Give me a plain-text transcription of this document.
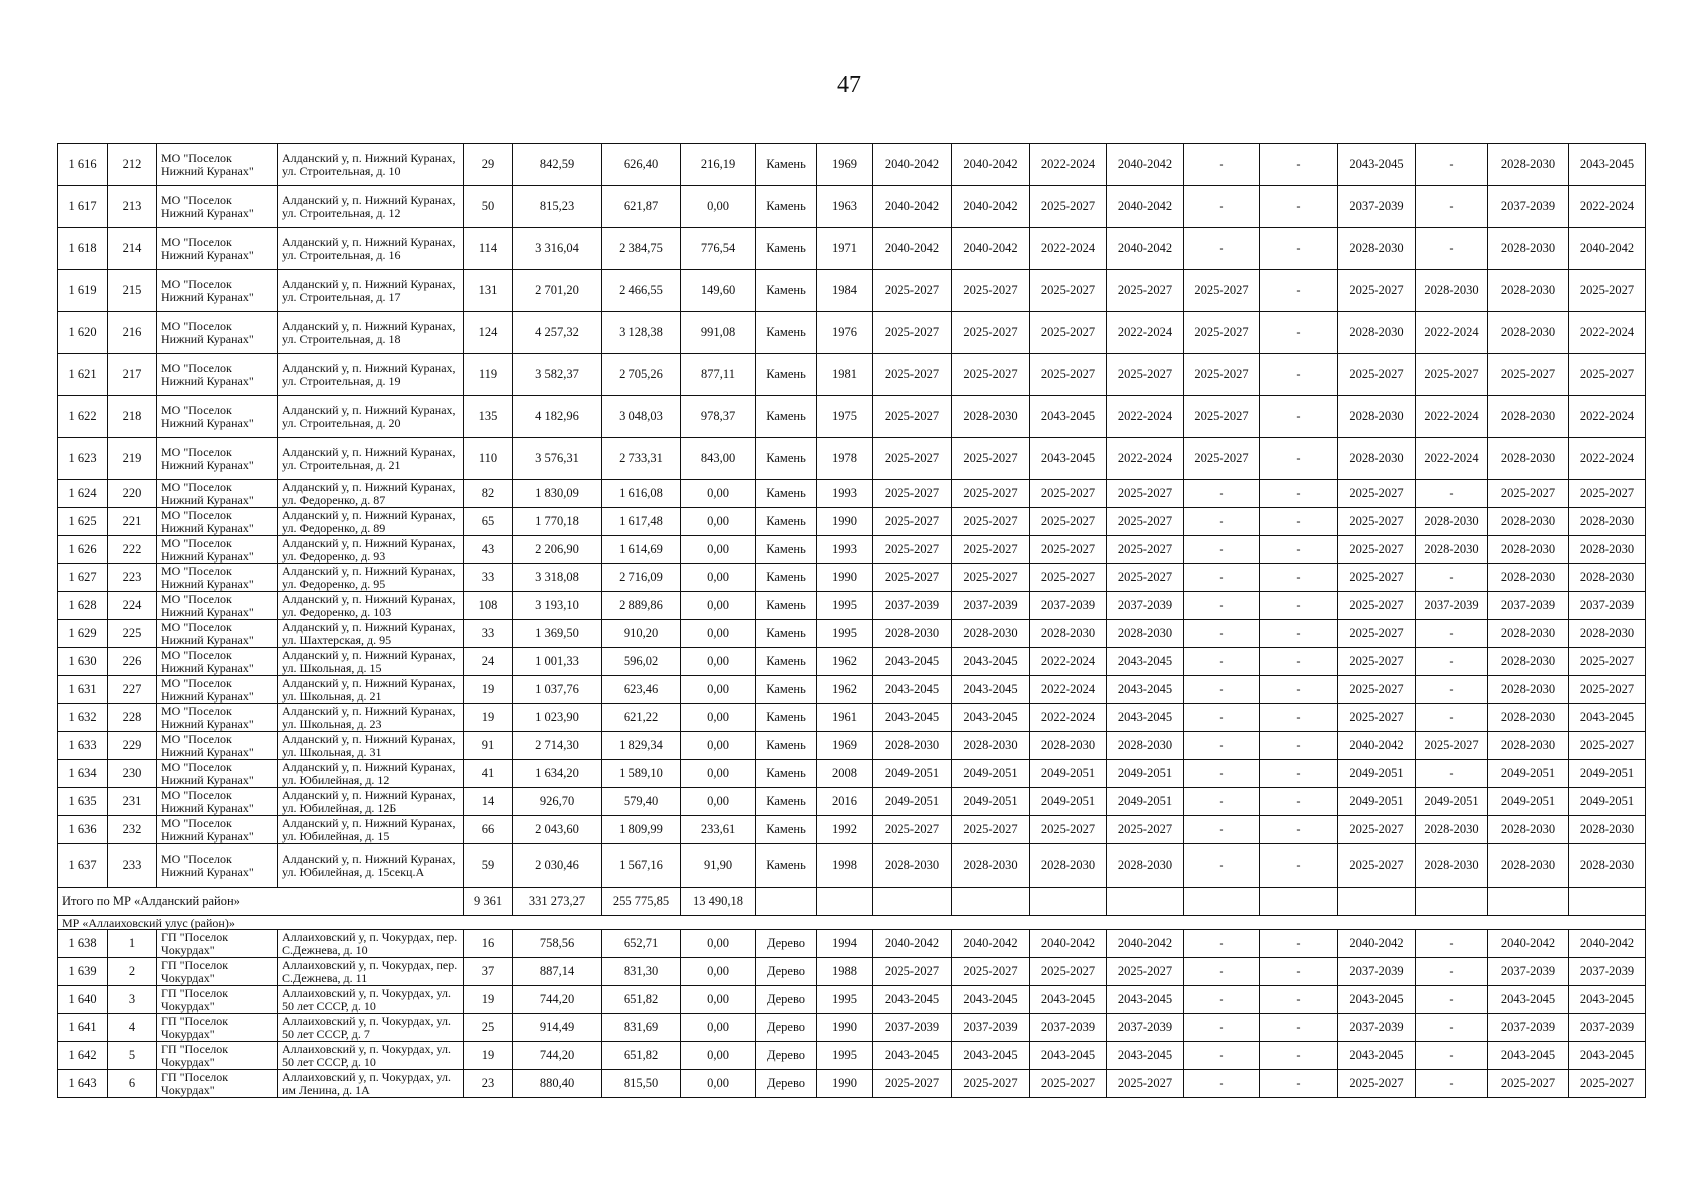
47
1 616	212	МО "Поселок Нижний Куранах"	Алданский у, п. Нижний Куранах, ул. Строительная, д. 10	29	842,59	626,40	216,19	Камень	1969	2040-2042	2040-2042	2022-2024	2040-2042	-	-	2043-2045	-	2028-2030	2043-2045
1 617	213	МО "Поселок Нижний Куранах"	Алданский у, п. Нижний Куранах, ул. Строительная, д. 12	50	815,23	621,87	0,00	Камень	1963	2040-2042	2040-2042	2025-2027	2040-2042	-	-	2037-2039	-	2037-2039	2022-2024
1 618	214	МО "Поселок Нижний Куранах"	Алданский у, п. Нижний Куранах, ул. Строительная, д. 16	114	3 316,04	2 384,75	776,54	Камень	1971	2040-2042	2040-2042	2022-2024	2040-2042	-	-	2028-2030	-	2028-2030	2040-2042
1 619	215	МО "Поселок Нижний Куранах"	Алданский у, п. Нижний Куранах, ул. Строительная, д. 17	131	2 701,20	2 466,55	149,60	Камень	1984	2025-2027	2025-2027	2025-2027	2025-2027	2025-2027	-	2025-2027	2028-2030	2028-2030	2025-2027
1 620	216	МО "Поселок Нижний Куранах"	Алданский у, п. Нижний Куранах, ул. Строительная, д. 18	124	4 257,32	3 128,38	991,08	Камень	1976	2025-2027	2025-2027	2025-2027	2022-2024	2025-2027	-	2028-2030	2022-2024	2028-2030	2022-2024
1 621	217	МО "Поселок Нижний Куранах"	Алданский у, п. Нижний Куранах, ул. Строительная, д. 19	119	3 582,37	2 705,26	877,11	Камень	1981	2025-2027	2025-2027	2025-2027	2025-2027	2025-2027	-	2025-2027	2025-2027	2025-2027	2025-2027
1 622	218	МО "Поселок Нижний Куранах"	Алданский у, п. Нижний Куранах, ул. Строительная, д. 20	135	4 182,96	3 048,03	978,37	Камень	1975	2025-2027	2028-2030	2043-2045	2022-2024	2025-2027	-	2028-2030	2022-2024	2028-2030	2022-2024
1 623	219	МО "Поселок Нижний Куранах"	Алданский у, п. Нижний Куранах, ул. Строительная, д. 21	110	3 576,31	2 733,31	843,00	Камень	1978	2025-2027	2025-2027	2043-2045	2022-2024	2025-2027	-	2028-2030	2022-2024	2028-2030	2022-2024
1 624	220	МО "Поселок Нижний Куранах"	Алданский у, п. Нижний Куранах, ул. Федоренко, д. 87	82	1 830,09	1 616,08	0,00	Камень	1993	2025-2027	2025-2027	2025-2027	2025-2027	-	-	2025-2027	-	2025-2027	2025-2027
1 625	221	МО "Поселок Нижний Куранах"	Алданский у, п. Нижний Куранах, ул. Федоренко, д. 89	65	1 770,18	1 617,48	0,00	Камень	1990	2025-2027	2025-2027	2025-2027	2025-2027	-	-	2025-2027	2028-2030	2028-2030	2028-2030
1 626	222	МО "Поселок Нижний Куранах"	Алданский у, п. Нижний Куранах, ул. Федоренко, д. 93	43	2 206,90	1 614,69	0,00	Камень	1993	2025-2027	2025-2027	2025-2027	2025-2027	-	-	2025-2027	2028-2030	2028-2030	2028-2030
1 627	223	МО "Поселок Нижний Куранах"	Алданский у, п. Нижний Куранах, ул. Федоренко, д. 95	33	3 318,08	2 716,09	0,00	Камень	1990	2025-2027	2025-2027	2025-2027	2025-2027	-	-	2025-2027	-	2028-2030	2028-2030
1 628	224	МО "Поселок Нижний Куранах"	Алданский у, п. Нижний Куранах, ул. Федоренко, д. 103	108	3 193,10	2 889,86	0,00	Камень	1995	2037-2039	2037-2039	2037-2039	2037-2039	-	-	2025-2027	2037-2039	2037-2039	2037-2039
1 629	225	МО "Поселок Нижний Куранах"	Алданский у, п. Нижний Куранах, ул. Шахтерская, д. 95	33	1 369,50	910,20	0,00	Камень	1995	2028-2030	2028-2030	2028-2030	2028-2030	-	-	2025-2027	-	2028-2030	2028-2030
1 630	226	МО "Поселок Нижний Куранах"	Алданский у, п. Нижний Куранах, ул. Школьная, д. 15	24	1 001,33	596,02	0,00	Камень	1962	2043-2045	2043-2045	2022-2024	2043-2045	-	-	2025-2027	-	2028-2030	2025-2027
1 631	227	МО "Поселок Нижний Куранах"	Алданский у, п. Нижний Куранах, ул. Школьная, д. 21	19	1 037,76	623,46	0,00	Камень	1962	2043-2045	2043-2045	2022-2024	2043-2045	-	-	2025-2027	-	2028-2030	2025-2027
1 632	228	МО "Поселок Нижний Куранах"	Алданский у, п. Нижний Куранах, ул. Школьная, д. 23	19	1 023,90	621,22	0,00	Камень	1961	2043-2045	2043-2045	2022-2024	2043-2045	-	-	2025-2027	-	2028-2030	2043-2045
1 633	229	МО "Поселок Нижний Куранах"	Алданский у, п. Нижний Куранах, ул. Школьная, д. 31	91	2 714,30	1 829,34	0,00	Камень	1969	2028-2030	2028-2030	2028-2030	2028-2030	-	-	2040-2042	2025-2027	2028-2030	2025-2027
1 634	230	МО "Поселок Нижний Куранах"	Алданский у, п. Нижний Куранах, ул. Юбилейная, д. 12	41	1 634,20	1 589,10	0,00	Камень	2008	2049-2051	2049-2051	2049-2051	2049-2051	-	-	2049-2051	-	2049-2051	2049-2051
1 635	231	МО "Поселок Нижний Куранах"	Алданский у, п. Нижний Куранах, ул. Юбилейная, д. 12Б	14	926,70	579,40	0,00	Камень	2016	2049-2051	2049-2051	2049-2051	2049-2051	-	-	2049-2051	2049-2051	2049-2051	2049-2051
1 636	232	МО "Поселок Нижний Куранах"	Алданский у, п. Нижний Куранах, ул. Юбилейная, д. 15	66	2 043,60	1 809,99	233,61	Камень	1992	2025-2027	2025-2027	2025-2027	2025-2027	-	-	2025-2027	2028-2030	2028-2030	2028-2030
1 637	233	МО "Поселок Нижний Куранах"	Алданский у, п. Нижний Куранах, ул. Юбилейная, д. 15секц.А	59	2 030,46	1 567,16	91,90	Камень	1998	2028-2030	2028-2030	2028-2030	2028-2030	-	-	2025-2027	2028-2030	2028-2030	2028-2030
Итого по МР «Алданский район»				9 361	331 273,27	255 775,85	13 490,18												
МР «Аллаиховский улус (район)»																			
1 638	1	ГП "Поселок Чокурдах"	Аллаиховский у, п. Чокурдах, пер. С.Дежнева, д. 10	16	758,56	652,71	0,00	Дерево	1994	2040-2042	2040-2042	2040-2042	2040-2042	-	-	2040-2042	-	2040-2042	2040-2042
1 639	2	ГП "Поселок Чокурдах"	Аллаиховский у, п. Чокурдах, пер. С.Дежнева, д. 11	37	887,14	831,30	0,00	Дерево	1988	2025-2027	2025-2027	2025-2027	2025-2027	-	-	2037-2039	-	2037-2039	2037-2039
1 640	3	ГП "Поселок Чокурдах"	Аллаиховский у, п. Чокурдах, ул. 50 лет СССР, д. 10	19	744,20	651,82	0,00	Дерево	1995	2043-2045	2043-2045	2043-2045	2043-2045	-	-	2043-2045	-	2043-2045	2043-2045
1 641	4	ГП "Поселок Чокурдах"	Аллаиховский у, п. Чокурдах, ул. 50 лет СССР, д. 7	25	914,49	831,69	0,00	Дерево	1990	2037-2039	2037-2039	2037-2039	2037-2039	-	-	2037-2039	-	2037-2039	2037-2039
1 642	5	ГП "Поселок Чокурдах"	Аллаиховский у, п. Чокурдах, ул. 50 лет СССР, д. 10	19	744,20	651,82	0,00	Дерево	1995	2043-2045	2043-2045	2043-2045	2043-2045	-	-	2043-2045	-	2043-2045	2043-2045
1 643	6	ГП "Поселок Чокурдах"	Аллаиховский у, п. Чокурдах, ул. им Ленина, д. 1А	23	880,40	815,50	0,00	Дерево	1990	2025-2027	2025-2027	2025-2027	2025-2027	-	-	2025-2027	-	2025-2027	2025-2027
